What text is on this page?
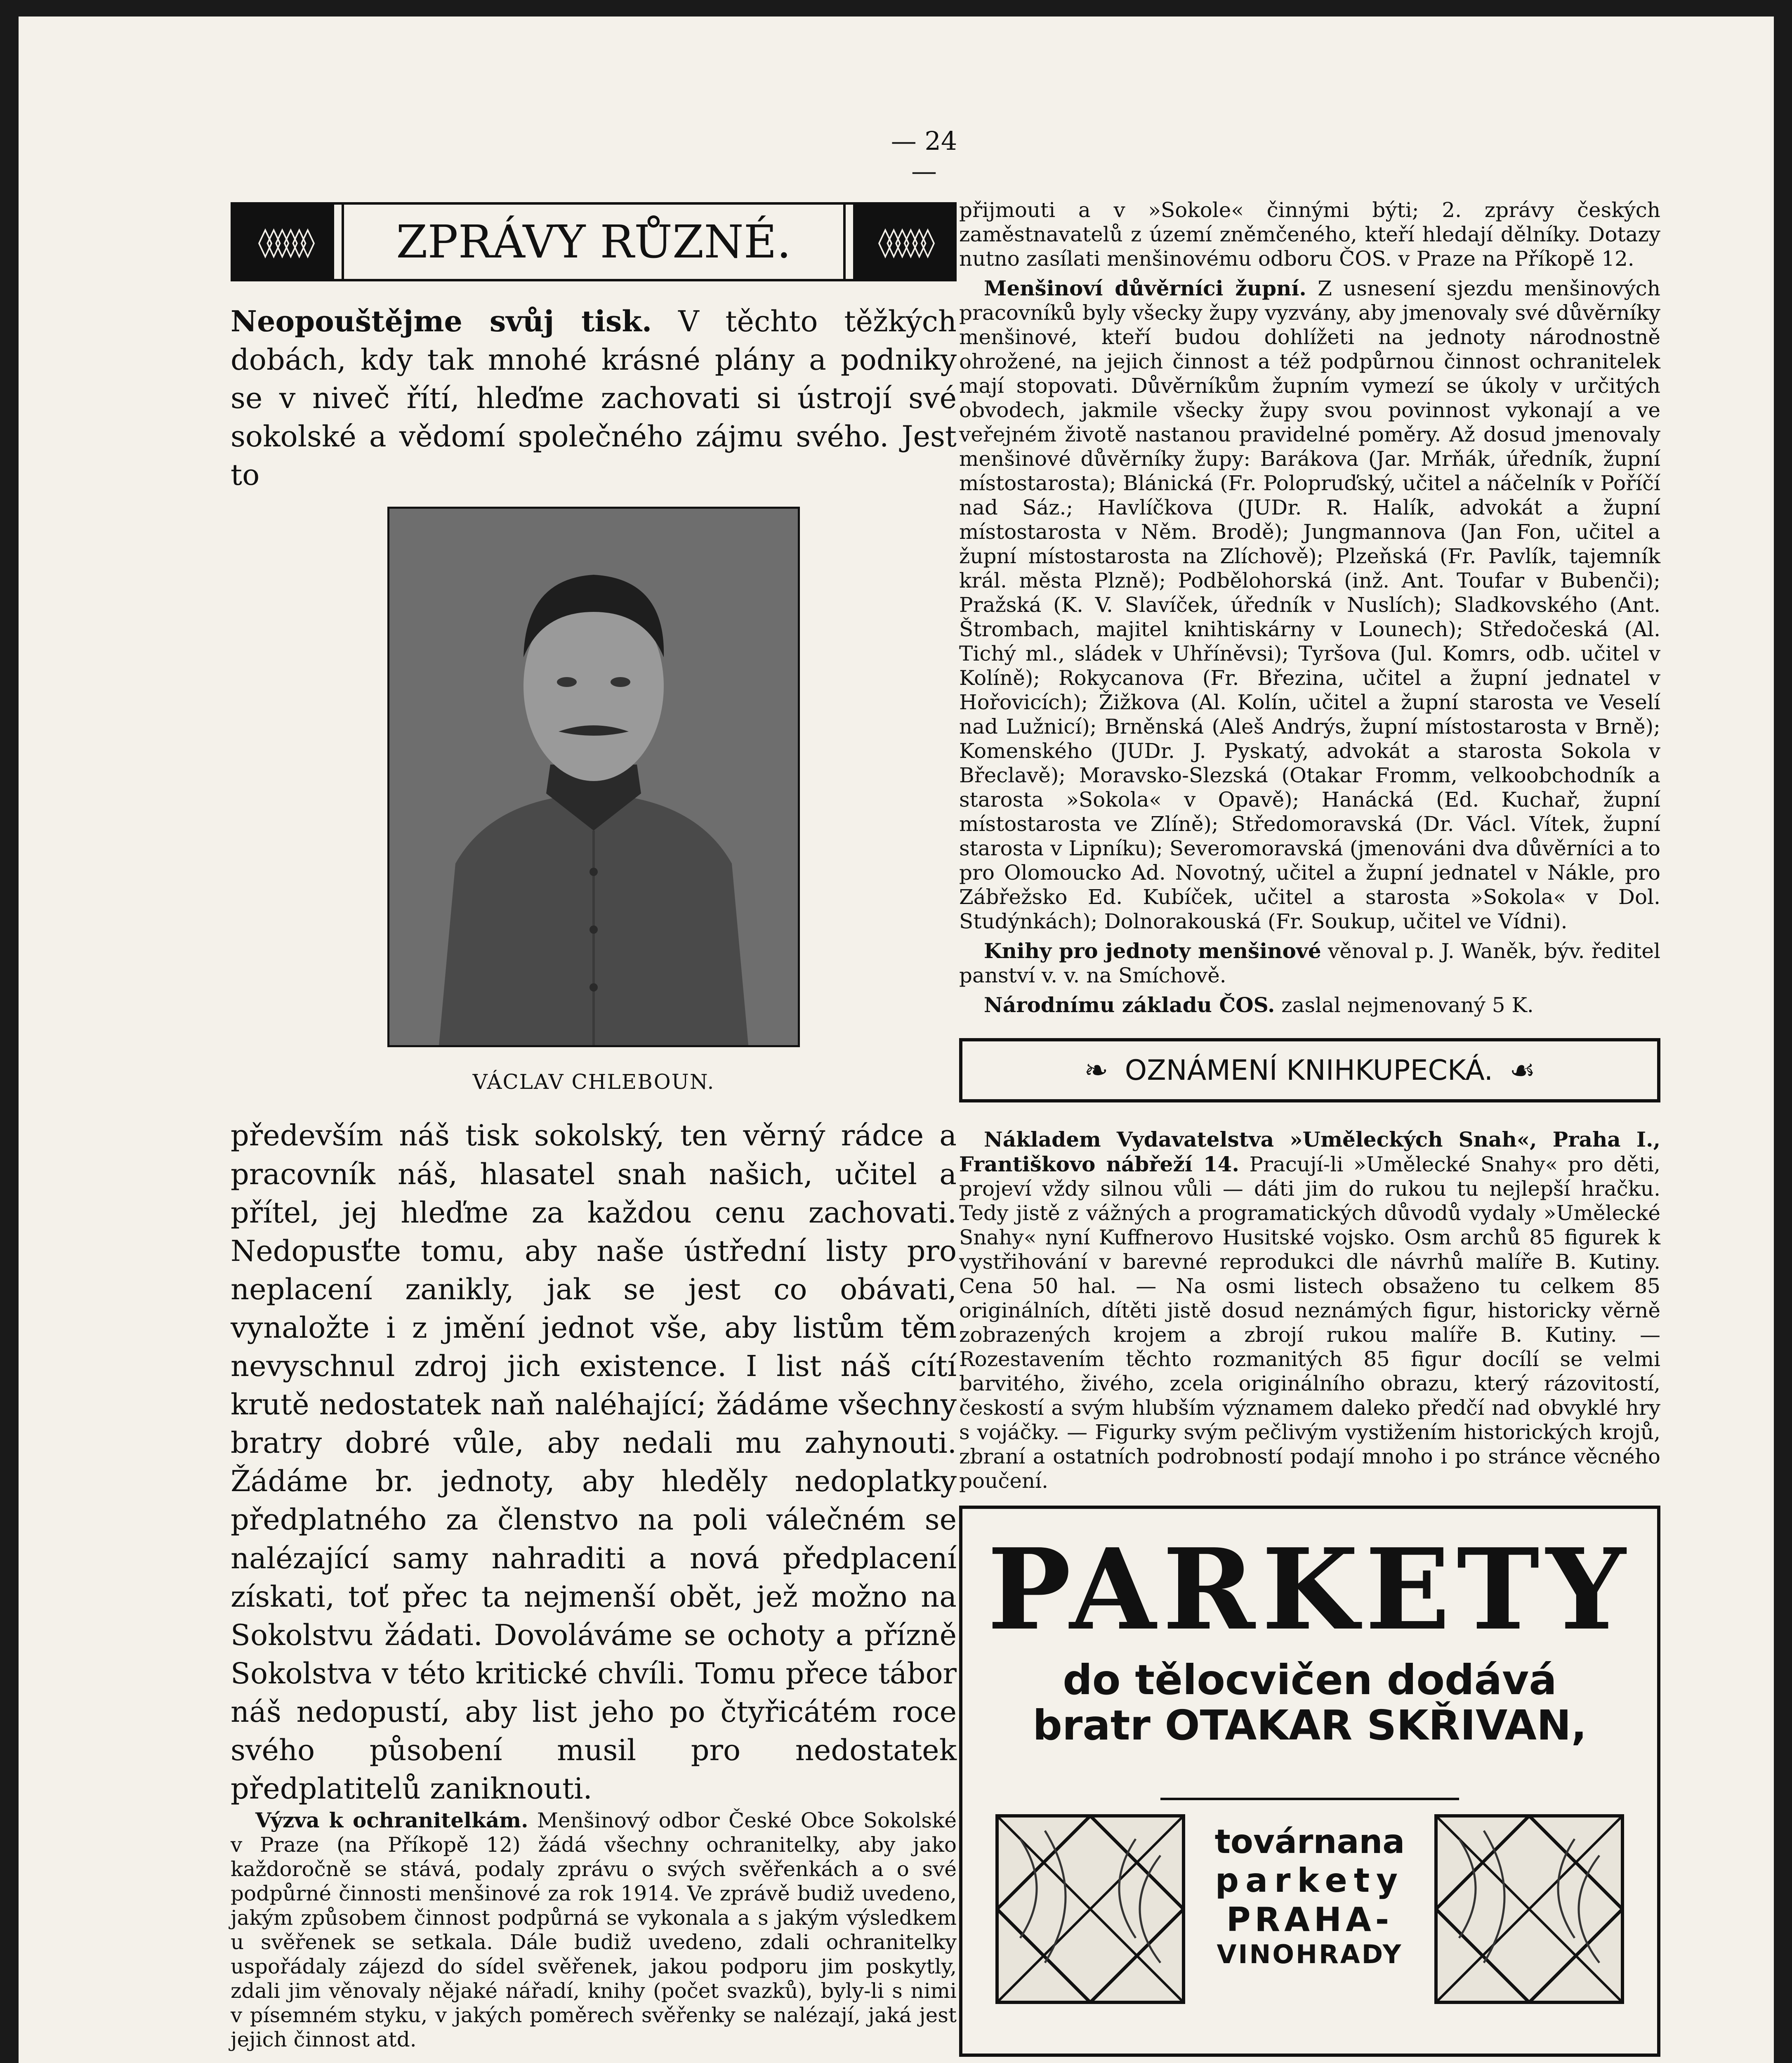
— 24 —
◊◊◊◊◊◊	ZPRÁVY RŮZNÉ.	◊◊◊◊◊◊

Neopouštějme svůj tisk. V těchto těžkých dobách, kdy tak mnohé krásné plány a podniky se v niveč řítí, hleďme zachovati si ústrojí své sokolské a vědomí společného zájmu svého. Jest to

VÁCLAV CHLEBOUN.

především náš tisk sokolský, ten věrný rádce a pracovník náš, hlasatel snah našich, učitel a přítel, jej hleďme za každou cenu zachovati. Nedopusťte tomu, aby naše ústřední listy pro neplacení zanikly, jak se jest co obávati, vynaložte i z jmění jednot vše, aby listům těm nevyschnul zdroj jich existence. I list náš cítí krutě nedostatek naň naléhající; žádáme všechny bratry dobré vůle, aby nedali mu zahynouti. Žádáme br. jednoty, aby hleděly nedoplatky předplatného za členstvo na poli válečném se nalézající samy nahraditi a nová předplacení získati, toť přec ta nejmenší obět, jež možno na Sokolstvu žádati. Dovoláváme se ochoty a přízně Sokolstva v této kritické chvíli. Tomu přece tábor náš nedopustí, aby list jeho po čtyřicátém roce svého působení musil pro nedostatek předplatitelů zaniknouti.

Výzva k ochranitelkám. Menšinový odbor České Obce Sokolské v Praze (na Příkopě 12) žádá všechny ochranitelky, aby jako každoročně se stává, podaly zprávu o svých svěřenkách a o své podpůrné činnosti menšinové za rok 1914. Ve zprávě budiž uvedeno, jakým způsobem činnost podpůrná se vykonala a s jakým výsledkem u svěřenek se setkala. Dále budiž uvedeno, zdali ochranitelky uspořádaly zájezd do sídel svěřenek, jakou podporu jim poskytly, zdali jim věnovaly nějaké nářadí, knihy (počet svazků), byly-li s nimi v písemném styku, v jakých poměrech svěřenky se nalézají, jaká jest jejich činnost atd.

přijmouti a v »Sokole« činnými býti; 2. zprávy českých zaměstnavatelů z území zněmčeného, kteří hledají dělníky. Dotazy nutno zasílati menšinovému odboru ČOS. v Praze na Příkopě 12.

Menšinoví důvěrníci župní. Z usnesení sjezdu menšinových pracovníků byly všecky župy vyzvány, aby jmenovaly své důvěrníky menšinové, kteří budou dohlížeti na jednoty národnostně ohrožené, na jejich činnost a též podpůrnou činnost ochranitelek mají stopovati. Důvěrníkům župním vymezí se úkoly v určitých obvodech, jakmile všecky župy svou povinnost vykonají a ve veřejném životě nastanou pravidelné poměry. Až dosud jmenovaly menšinové důvěrníky župy: Barákova (Jar. Mrňák, úředník, župní místostarosta); Blánická (Fr. Polopruďský, učitel a náčelník v Poříčí nad Sáz.; Havlíčkova (JUDr. R. Halík, advokát a župní místostarosta v Něm. Brodě); Jungmannova (Jan Fon, učitel a župní místostarosta na Zlíchově); Plzeňská (Fr. Pavlík, tajemník král. města Plzně); Podbělohorská (inž. Ant. Toufar v Bubenči); Pražská (K. V. Slavíček, úředník v Nuslích); Sladkovského (Ant. Štrombach, majitel knihtiskárny v Lounech); Středočeská (Al. Tichý ml., sládek v Uhříněvsi); Tyršova (Jul. Komrs, odb. učitel v Kolíně); Rokycanova (Fr. Březina, učitel a župní jednatel v Hořovicích); Žižkova (Al. Kolín, učitel a župní starosta ve Veselí nad Lužnicí); Brněnská (Aleš Andrýs, župní místostarosta v Brně); Komenského (JUDr. J. Pyskatý, advokát a starosta Sokola v Břeclavě); Moravsko-Slezská (Otakar Fromm, velkoobchodník a starosta »Sokola« v Opavě); Hanácká (Ed. Kuchař, župní místostarosta ve Zlíně); Středomoravská (Dr. Václ. Vítek, župní starosta v Lipníku); Severomoravská (jmenováni dva důvěrníci a to pro Olomoucko Ad. Novotný, učitel a župní jednatel v Nákle, pro Zábřežsko Ed. Kubíček, učitel a starosta »Sokola« v Dol. Studýnkách); Dolnorakouská (Fr. Soukup, učitel ve Vídni).

Knihy pro jednoty menšinové věnoval p. J. Waněk, býv. ředitel panství v. v. na Smíchově.

Národnímu základu ČOS. zaslal nejmenovaný 5 K.

❧ OZNÁMENÍ KNIHKUPECKÁ. ☙

Nákladem Vydavatelstva »Uměleckých Snah«, Praha I., Františkovo nábřeží 14. Pracují-li »Umělecké Snahy« pro děti, projeví vždy silnou vůli — dáti jim do rukou tu nejlepší hračku. Tedy jistě z vážných a programatických důvodů vydaly »Umělecké Snahy« nyní Kuffnerovo Husitské vojsko. Osm archů 85 figurek k vystřihování v barevné reprodukci dle návrhů malíře B. Kutiny. Cena 50 hal. — Na osmi listech obsaženo tu celkem 85 originálních, dítěti jistě dosud neznámých figur, historicky věrně zobrazených krojem a zbrojí rukou malíře B. Kutiny. — Rozestavením těchto rozmanitých 85 figur docílí se velmi barvitého, živého, zcela originálního obrazu, který rázovitostí, českostí a svým hlubším významem daleko předčí nad obvyklé hry s vojáčky. — Figurky svým pečlivým vystižením historických krojů, zbraní a ostatních podrobností podají mnoho i po stránce věcného poučení.

PARKETY
do tělocvičen dodává
bratr OTAKAR SKŘIVAN,
továrnana
parkety
PRAHA-
VINOHRADY
